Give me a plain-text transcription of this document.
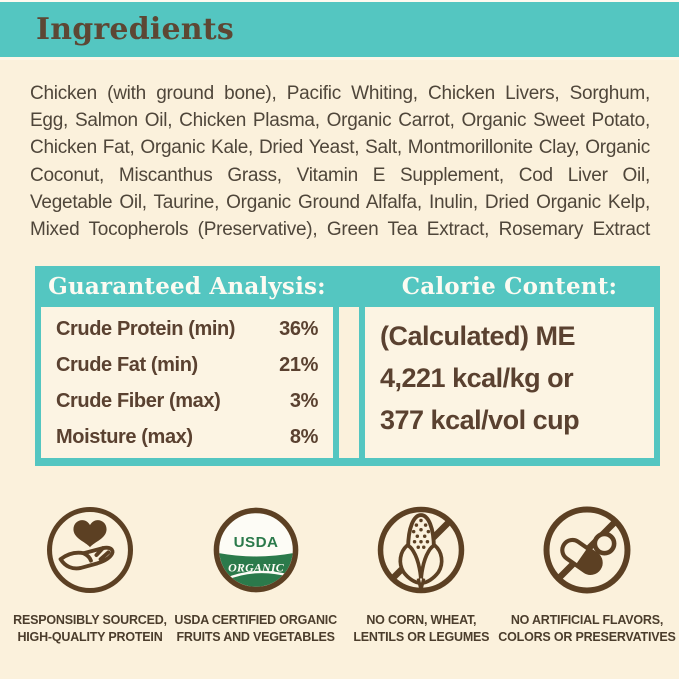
Ingredients

Chicken (with ground bone), Pacific Whiting, Chicken Livers, Sorghum, Egg, Salmon Oil, Chicken Plasma, Organic Carrot, Organic Sweet Potato, Chicken Fat, Organic Kale, Dried Yeast, Salt, Montmorillonite Clay, Organic Coconut, Miscanthus Grass, Vitamin E Supplement, Cod Liver Oil, Vegetable Oil, Taurine, Organic Ground Alfalfa, Inulin, Dried Organic Kelp, Mixed Tocopherols (Preservative), Green Tea Extract, Rosemary Extract

Guaranteed Analysis:	Calorie Content:
Crude Protein (min) 36%
Crude Fat (min)	21%
Crude Fiber (max)	3%
Moisture (max)	8%
(Calculated) ME
4,221 kcal/kg or
377 kcal/vol cup
RESPONSIBLY SOURCED,
HIGH-QUALITY PROTEIN
USDA
ORGANIC
USDA CERTIFIED ORGANIC
FRUITS AND VEGETABLES
NO CORN, WHEAT,
LENTILS OR LEGUMES
NO ARTIFICIAL FLAVORS,
COLORS OR PRESERVATIVES
